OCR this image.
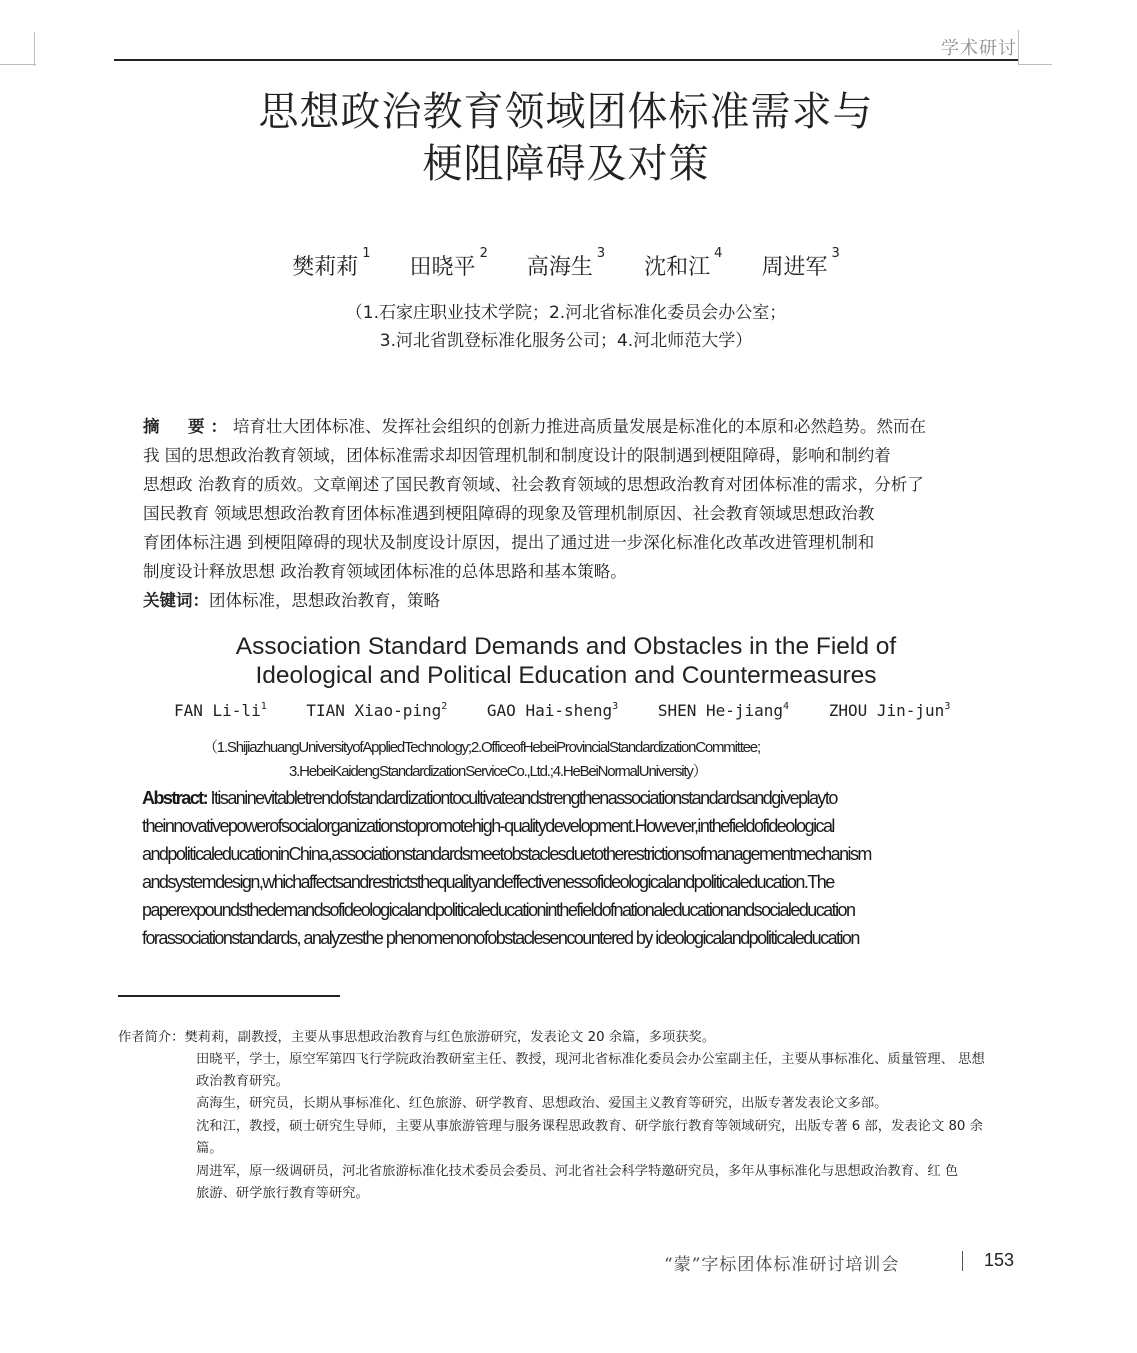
学术研讨
思想政治教育领域团体标准需求与
梗阻障碍及对策
樊莉莉$^1$ 田晓平$^2$ 高海生$^3$ 沈和江$^4$ 周进军$^3$
（1.石家庄职业技术学院；2.河北省标准化委员会办公室；
3.河北省凯登标准化服务公司；4.河北师范大学）
摘　要：培育壮大团体标准、发挥社会组织的创新力推进高质量发展是标准化的本原和必然趋势。然而在
我 国的思想政治教育领域，团体标准需求却因管理机制和制度设计的限制遇到梗阻障碍，影响和制约着
思想政 治教育的质效。文章阐述了国民教育领域、社会教育领域的思想政治教育对团体标准的需求，分析了
国民教育 领域思想政治教育团体标准遇到梗阻障碍的现象及管理机制原因、社会教育领域思想政治教
育团体标注遇 到梗阻障碍的现状及制度设计原因，提出了通过进一步深化标准化改革改进管理机制和
制度设计释放思想 政治教育领域团体标准的总体思路和基本策略。
关键词：团体标准，思想政治教育，策略
Association Standard Demands and Obstacles in the Field of
Ideological and Political Education and Countermeasures
FAN $Li-li^1$ TIAN Xiao-ping$^2$ GAO Hai-sheng$^3$ SHEN He-jiang$^4$ ZHOU Jin-jun$^3$
（1.ShijiazhuangUniversityofAppliedTechnology;2.OfficeofHebeiProvincialStandardizationCommittee;
3.HebeiKaidengStandardizationServiceCo.,Ltd.;4.HeBeiNormalUniversity）
Abstract: Itisaninevitabletrendofstandardizationtocultivateandstrengthenassociationstandardsandgiveplayto
theinnovativepowerofsocialorganizationstopromotehigh-qualitydevelopment.However,inthefieldofideological
andpoliticaleducationinChina,associationstandardsmeetobstaclesduetotherestrictionsofmanagementmechanism
andsystemdesign,whichaffectsandrestrictsthequalityandeffectivenessofideologicalandpoliticaleducation.The
paperexpoundsthedemandsofideologicalandpoliticaleducationinthefieldofnationaleducationandsocialeducation
forassociationstandards, analyzesthe phenomenonofobstaclesencountered by ideologicalandpoliticaleducation
作者简介：樊莉莉，副教授，主要从事思想政治教育与红色旅游研究，发表论文 20 余篇，多项获奖。
田晓平，学士，原空军第四飞行学院政治教研室主任、教授，现河北省标准化委员会办公室副主任，主要从事标准化、质量管理、 思想
政治教育研究。
高海生，研究员，长期从事标准化、红色旅游、研学教育、思想政治、爱国主义教育等研究，出版专著发表论文多部。
沈和江，教授，硕士研究生导师，主要从事旅游管理与服务课程思政教育、研学旅行教育等领域研究，出版专著 6 部，发表论文 80 余
篇。
周进军，原一级调研员，河北省旅游标准化技术委员会委员、河北省社会科学特邀研究员，多年从事标准化与思想政治教育、红 色
旅游、研学旅行教育等研究。
“蒙”字标团体标准研讨培训会	153
